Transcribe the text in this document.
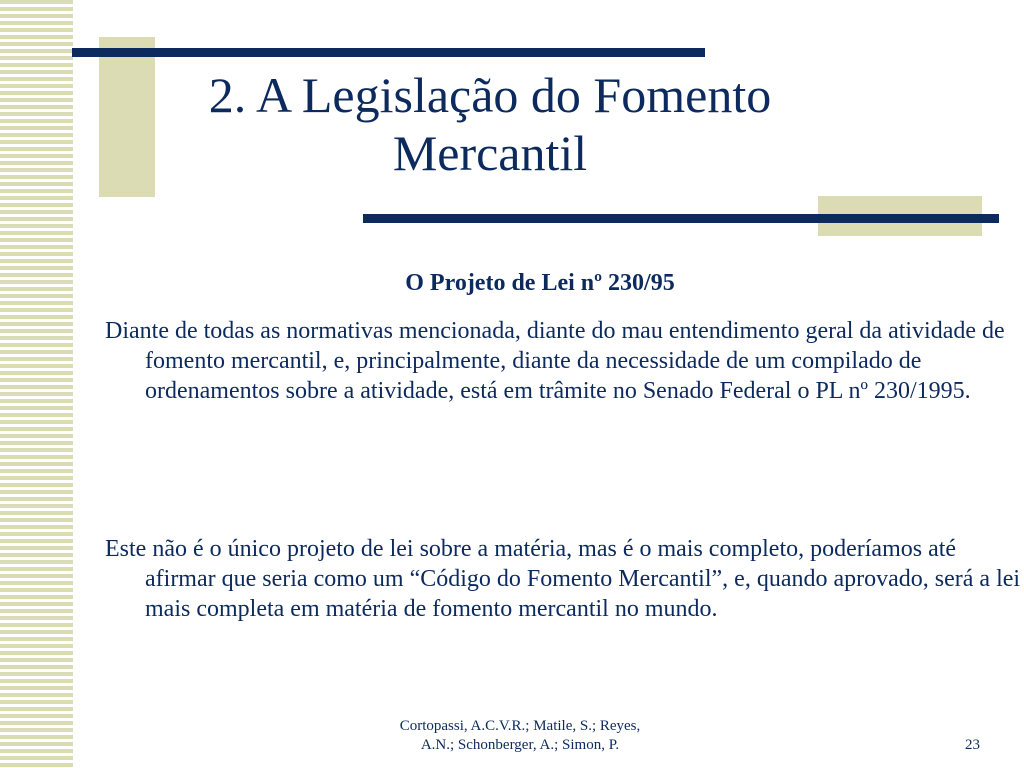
2. A Legislação do Fomento
Mercantil

O Projeto de Lei nº 230/95

Diante de todas as normativas mencionada, diante do mau entendimento geral da atividade de fomento mercantil, e, principalmente, diante da necessidade de um compilado de ordenamentos sobre a atividade, está em trâmite no Senado Federal o PL nº 230/1995.

Este não é o único projeto de lei sobre a matéria, mas é o mais completo, poderíamos até afirmar que seria como um “Código do Fomento Mercantil”, e, quando aprovado, será a lei mais completa em matéria de fomento mercantil no mundo.

Cortopassi, A.C.V.R.; Matile, S.; Reyes,
A.N.; Schonberger, A.; Simon, P.	23
